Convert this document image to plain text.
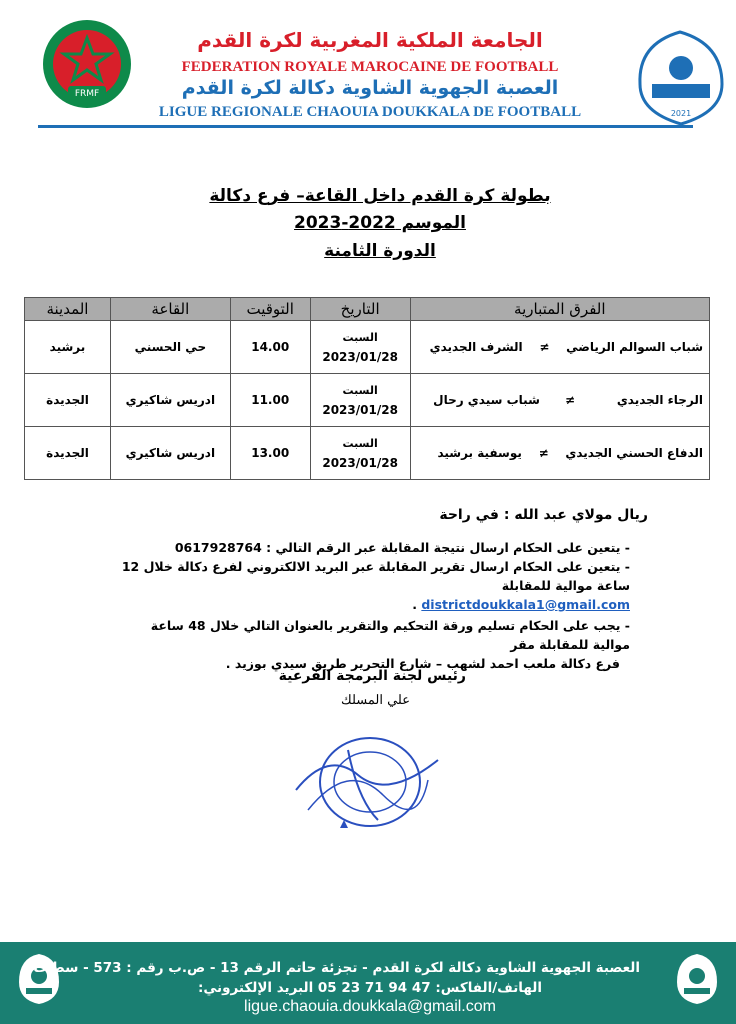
FRMF
2021
الجامعة الملكية المغربية لكرة القدم
FEDERATION ROYALE MAROCAINE DE FOOTBALL
العصبة الجهوية الشاوية دكالة لكرة القدم
LIGUE REGIONALE CHAOUIA DOUKKALA DE FOOTBALL
بطولة كرة القدم داخل القاعة– فرع دكالة
الموسم 2022-2023
الدورة الثامنة
الفرق المتبارية	التاريخ	التوقيت	القاعة	المدينة
شباب السوالم الرياضي    ≠    الشرف الجديدي	السبت
2023/01/28	14.00	حي الحسني	برشيد
الرجاء الجديدي          ≠      شباب سيدي رحال	السبت
2023/01/28	11.00	ادريس شاكيري	الجديدة
الدفاع الحسني الجديدي    ≠    يوسفية برشيد	السبت
2023/01/28	13.00	ادريس شاكيري	الجديدة
ريال مولاي عبد الله : في راحة

- يتعين على الحكام ارسال نتيجة المقابلة عبر الرقم التالي : 0617928764

- يتعين على الحكام ارسال تقرير المقابلة عبر البريد الالكتروني لفرع دكالة خلال 12 ساعة موالية للمقابلة

. districtdoukkala1@gmail.com

- يجب على الحكام تسليم ورقة التحكيم والتقرير بالعنوان التالي خلال 48 ساعة موالية للمقابلة مقر

فرع دكالة ملعب احمد لشهب – شارع التحرير طريق سيدي بوزيد .

رئيس لجنة البرمجة الفرعية
علي المسلك
العصبة الجهوية الشاوية دكالة لكرة القدم - تجزئة حاتم الرقم 13 - ص.ب رقم : 573 - سطات
الهاتف/الفاكس: 47 94 71 23 05 البريد الإلكتروني:
ligue.chaouia.doukkala@gmail.com
